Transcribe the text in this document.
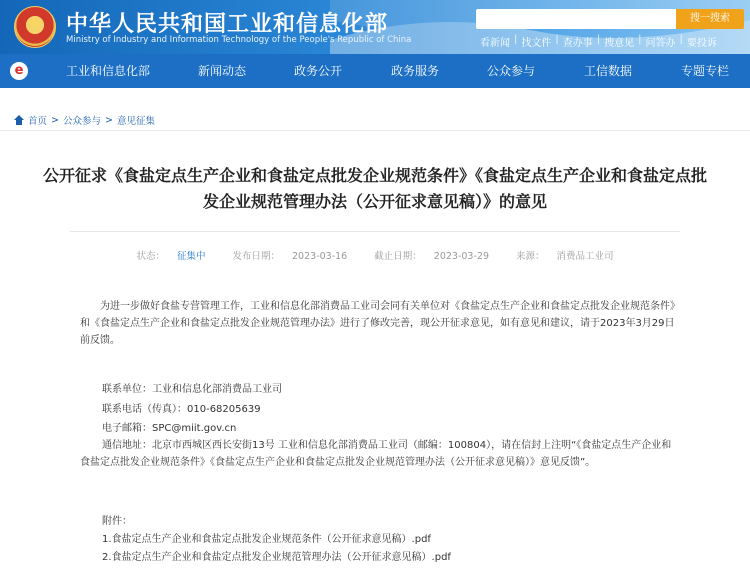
★ 中华人民共和国工业和信息化部
Ministry of Industry and Information Technology of the People's Republic of China
搜一搜索
看新闻 | 找文件 | 查办事 | 搜意见 | 问答办 | 要投诉
e	工业和信息化部	新闻动态	政务公开	政务服务	公众参与	工信数据	专题专栏
首页 > 公众参与 > 意见征集
公开征求《食盐定点生产企业和食盐定点批发企业规范条件》《食盐定点生产企业和食盐定点批发企业规范管理办法（公开征求意见稿）》的意见
状态： 征集中	发布日期： 2023-03-16	截止日期： 2023-03-29	来源： 消费品工业司
为进一步做好食盐专营管理工作，工业和信息化部消费品工业司会同有关单位对《食盐定点生产企业和食盐定点批发企业规范条件》和《食盐定点生产企业和食盐定点批发企业规范管理办法》进行了修改完善，现公开征求意见，如有意见和建议，请于2023年3月29日前反馈。
联系单位：工业和信息化部消费品工业司
联系电话（传真）：010-68205639
电子邮箱：SPC@miit.gov.cn
通信地址：北京市西城区西长安街13号 工业和信息化部消费品工业司（邮编：100804），请在信封上注明“《食盐定点生产企业和食盐定点批发企业规范条件》《食盐定点生产企业和食盐定点批发企业规范管理办法（公开征求意见稿）》意见反馈”。
附件：
1.食盐定点生产企业和食盐定点批发企业规范条件（公开征求意见稿）.pdf
2.食盐定点生产企业和食盐定点批发企业规范管理办法（公开征求意见稿）.pdf
